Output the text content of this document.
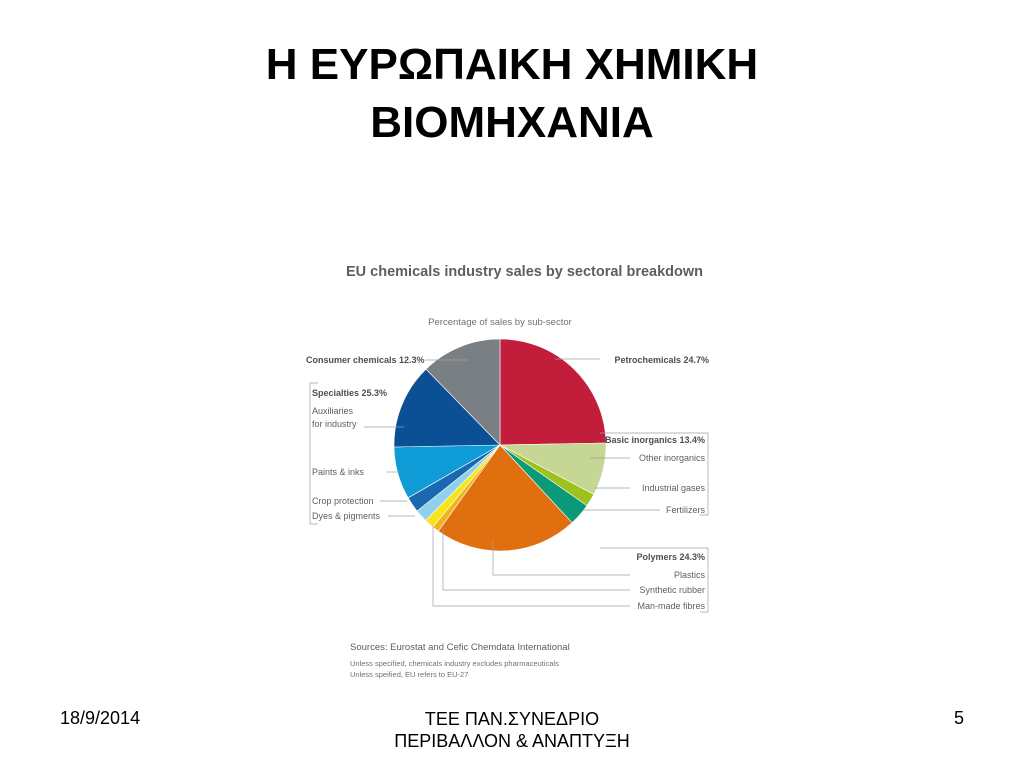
Η ΕΥΡΩΠΑΙΚΗ ΧΗΜΙΚΗ
ΒΙΟΜΗΧΑΝΙΑ
EU chemicals industry sales by sectoral breakdown
Percentage of sales by sub-sector
Petrochemicals 24.7%
Basic inorganics 13.4%
Other inorganics
Industrial gases
Fertilizers
Polymers 24.3%
Plastics
Synthetic rubber
Man-made fibres
Consumer chemicals 12.3%
Specialties 25.3%
Auxiliaries for industry
Paints & inks
Crop protection
Dyes & pigments
Sources: Eurostat and Cefic Chemdata International
Unless specified, chemicals industry excludes pharmaceuticals
Unless speified, EU refers to EU-27
18/9/2014	ΤΕΕ ΠΑΝ.ΣΥΝΕΔΡΙΟ
ΠΕΡΙΒΑΛΛΟΝ & ΑΝΑΠΤΥΞΗ
5
